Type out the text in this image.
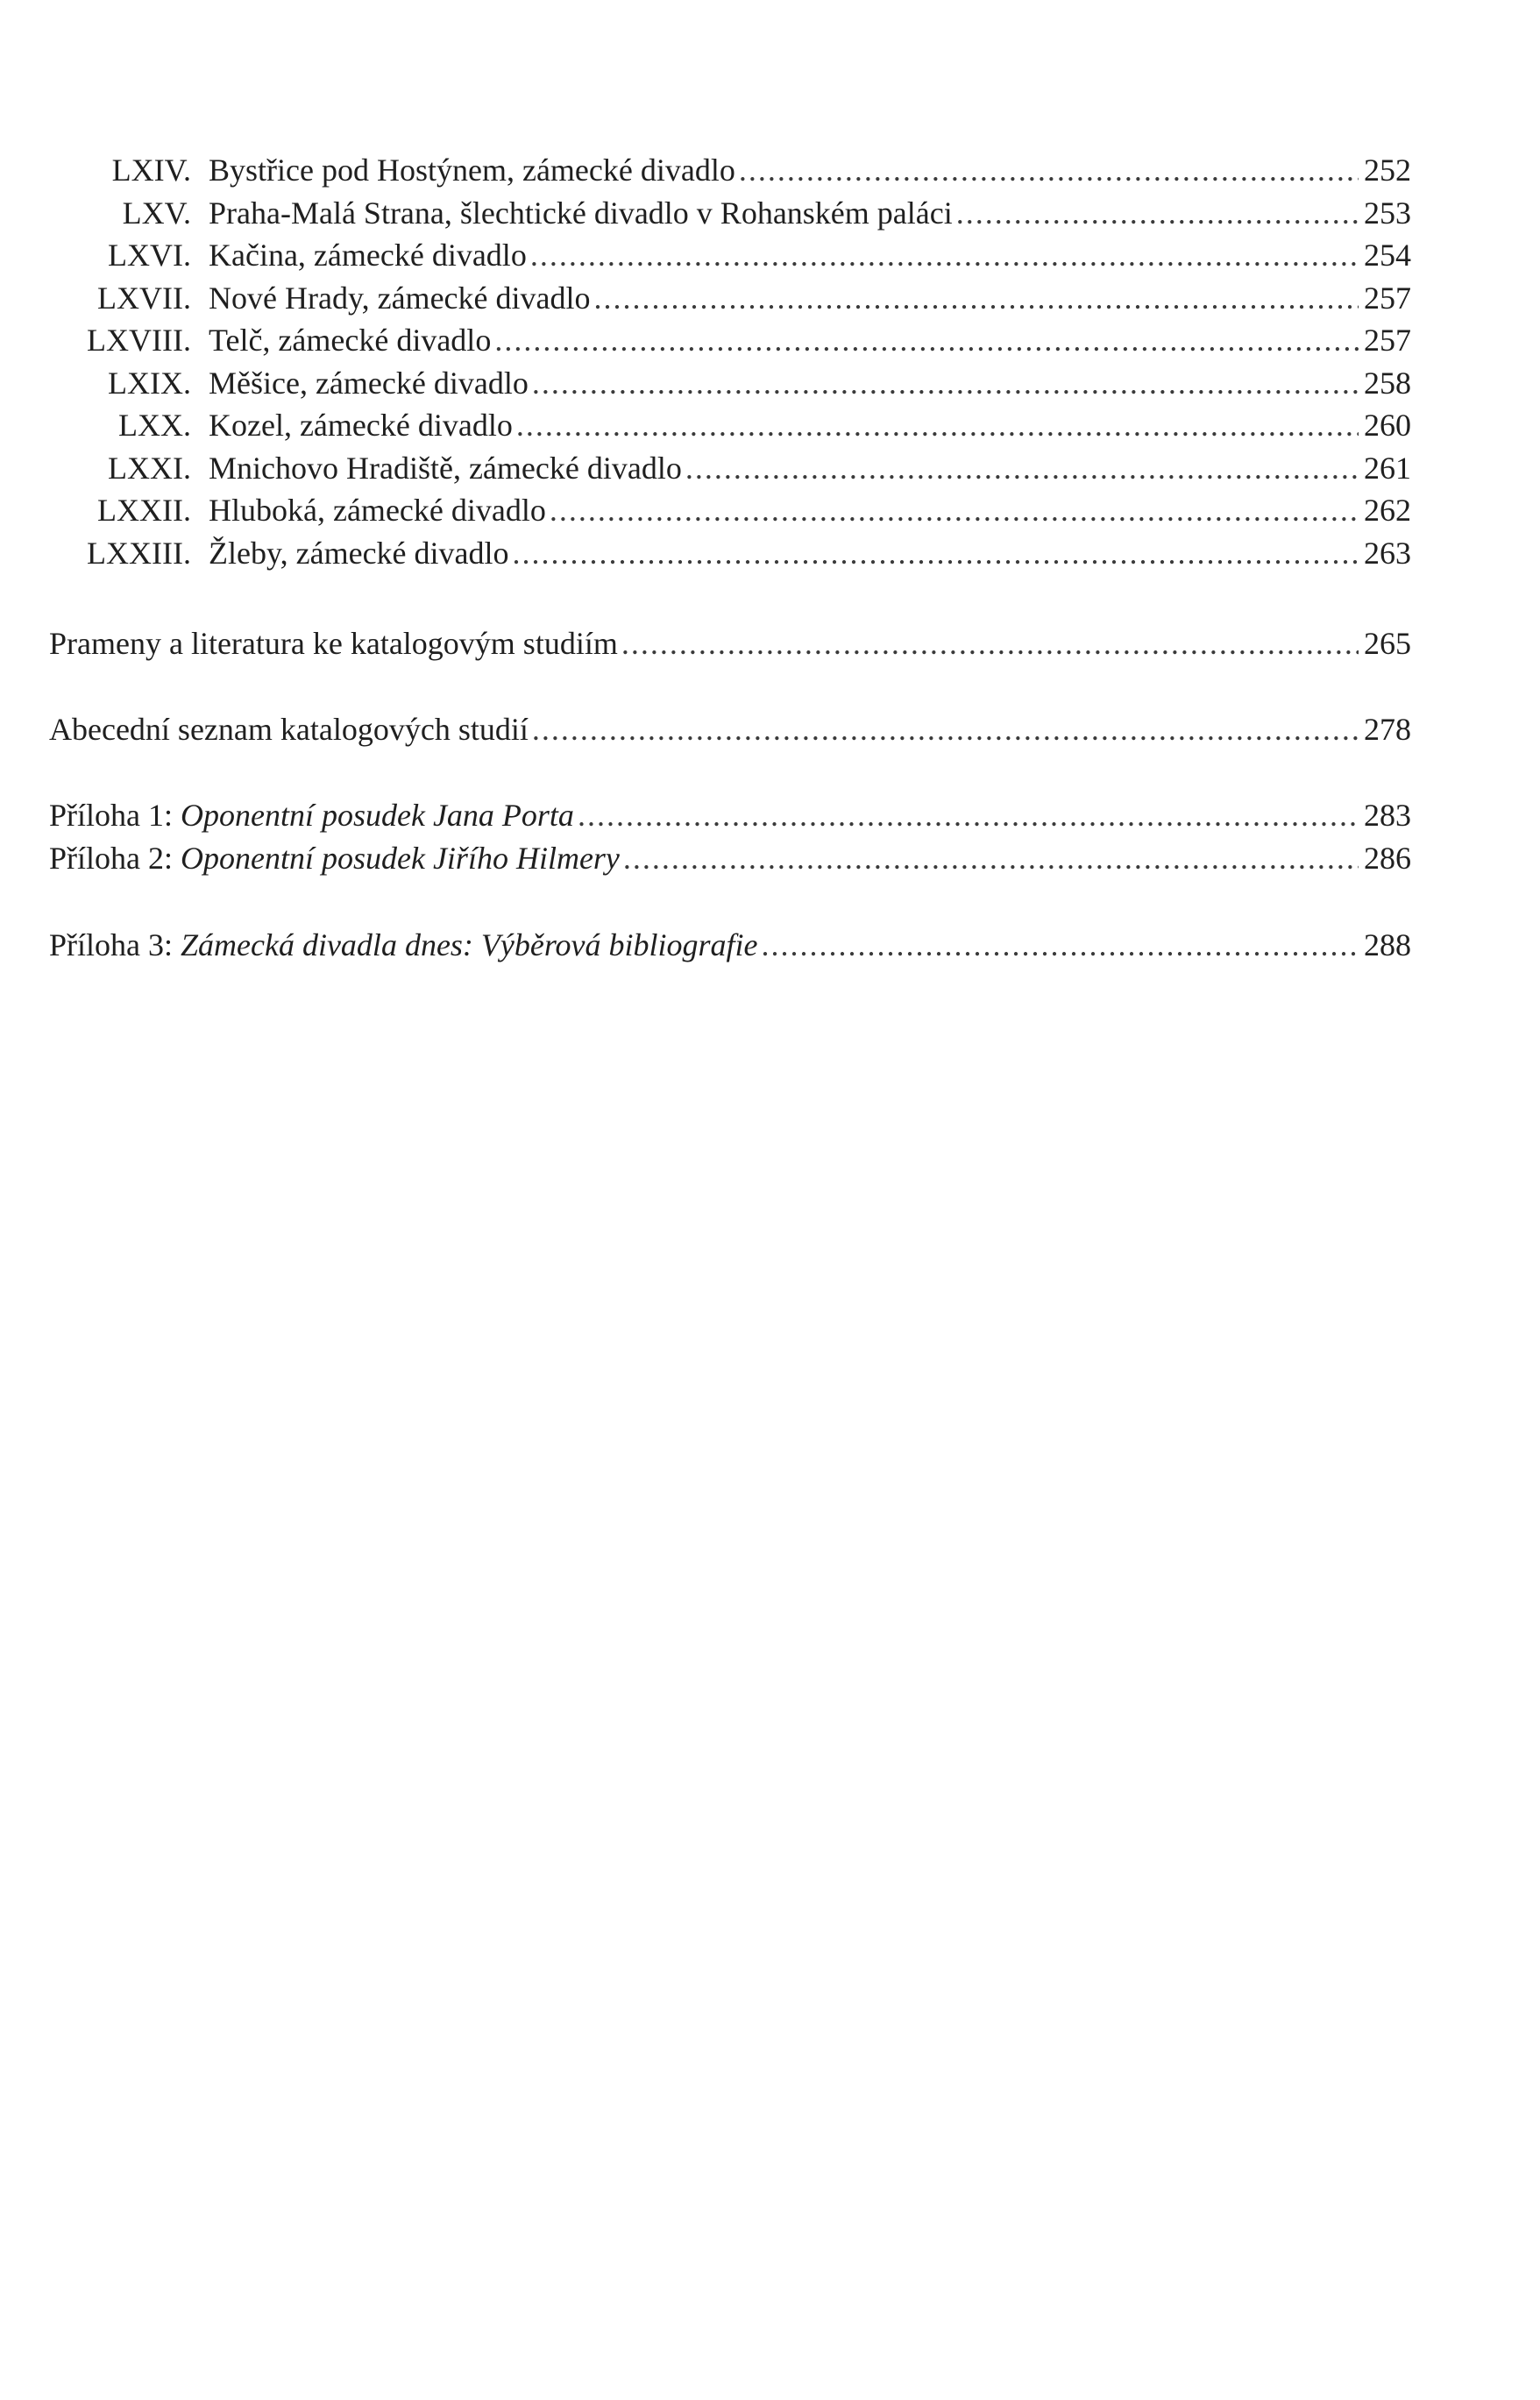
LXIV. Bystřice pod Hostýnem, zámecké divadlo .....	252
LXV. Praha-Malá Strana, šlechtické divadlo v Rohanském paláci .....	253
LXVI. Kačina, zámecké divadlo .....	254
LXVII. Nové Hrady, zámecké divadlo .....	257
LXVIII. Telč, zámecké divadlo .....	257
LXIX. Měšice, zámecké divadlo .....	258
LXX. Kozel, zámecké divadlo .....	260
LXXI. Mnichovo Hradiště, zámecké divadlo .....	261
LXXII. Hluboká, zámecké divadlo .....	262
LXXIII. Žleby, zámecké divadlo .....	263
Prameny a literatura ke katalogovým studiím .....	265
Abecední seznam katalogových studií .....	278
Příloha 1: Oponentní posudek Jana Porta .....	283
Příloha 2: Oponentní posudek Jiřího Hilmery .....	286
Příloha 3: Zámecká divadla dnes: Výběrová bibliografie .....	288
